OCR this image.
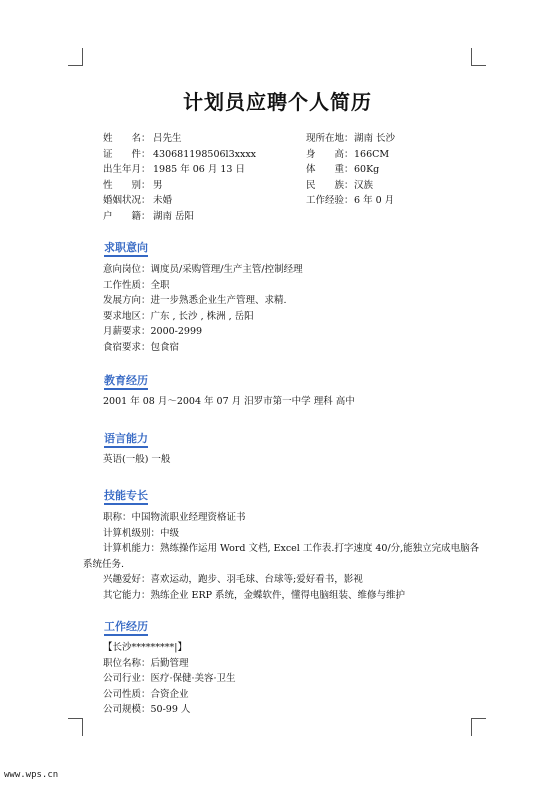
计划员应聘个人简历
姓　　名： 吕先生
证　　件： 430681198506l3xxxx
出生年月： 1985 年 06 月 13 日
性　　别： 男
婚姻状况： 未婚
户　　籍： 湖南 岳阳
现所在地：湖南 长沙
身　　高：166CM
体　　重：60Kg
民　　族：汉族
工作经验：6 年 0 月
求职意向
意向岗位：调度员/采购管理/生产主管/控制经理
工作性质：全职
发展方向：进一步熟悉企业生产管理、求精.
要求地区：广东 , 长沙 , 株洲 , 岳阳
月薪要求：2000-2999
食宿要求：包食宿
教育经历
2001 年 08 月～2004 年 07 月 汨罗市第一中学 理科 高中
语言能力
英语(一般) 一般
技能专长
职称：中国物流职业经理资格证书
计算机级别：中级
计算机能力：熟练操作运用 Word 文档, Excel 工作表.打字速度 40/分,能独立完成电脑各
系统任务.
兴趣爱好：喜欢运动，跑步、羽毛球、台球等;爱好看书，影视
其它能力：熟练企业 ERP 系统，金蝶软件，懂得电脑组装、维修与维护
工作经历
【长沙*********|】
职位名称：后勤管理
公司行业：医疗·保健·美容·卫生
公司性质：合资企业
公司规模：50-99 人
www.wps.cn
